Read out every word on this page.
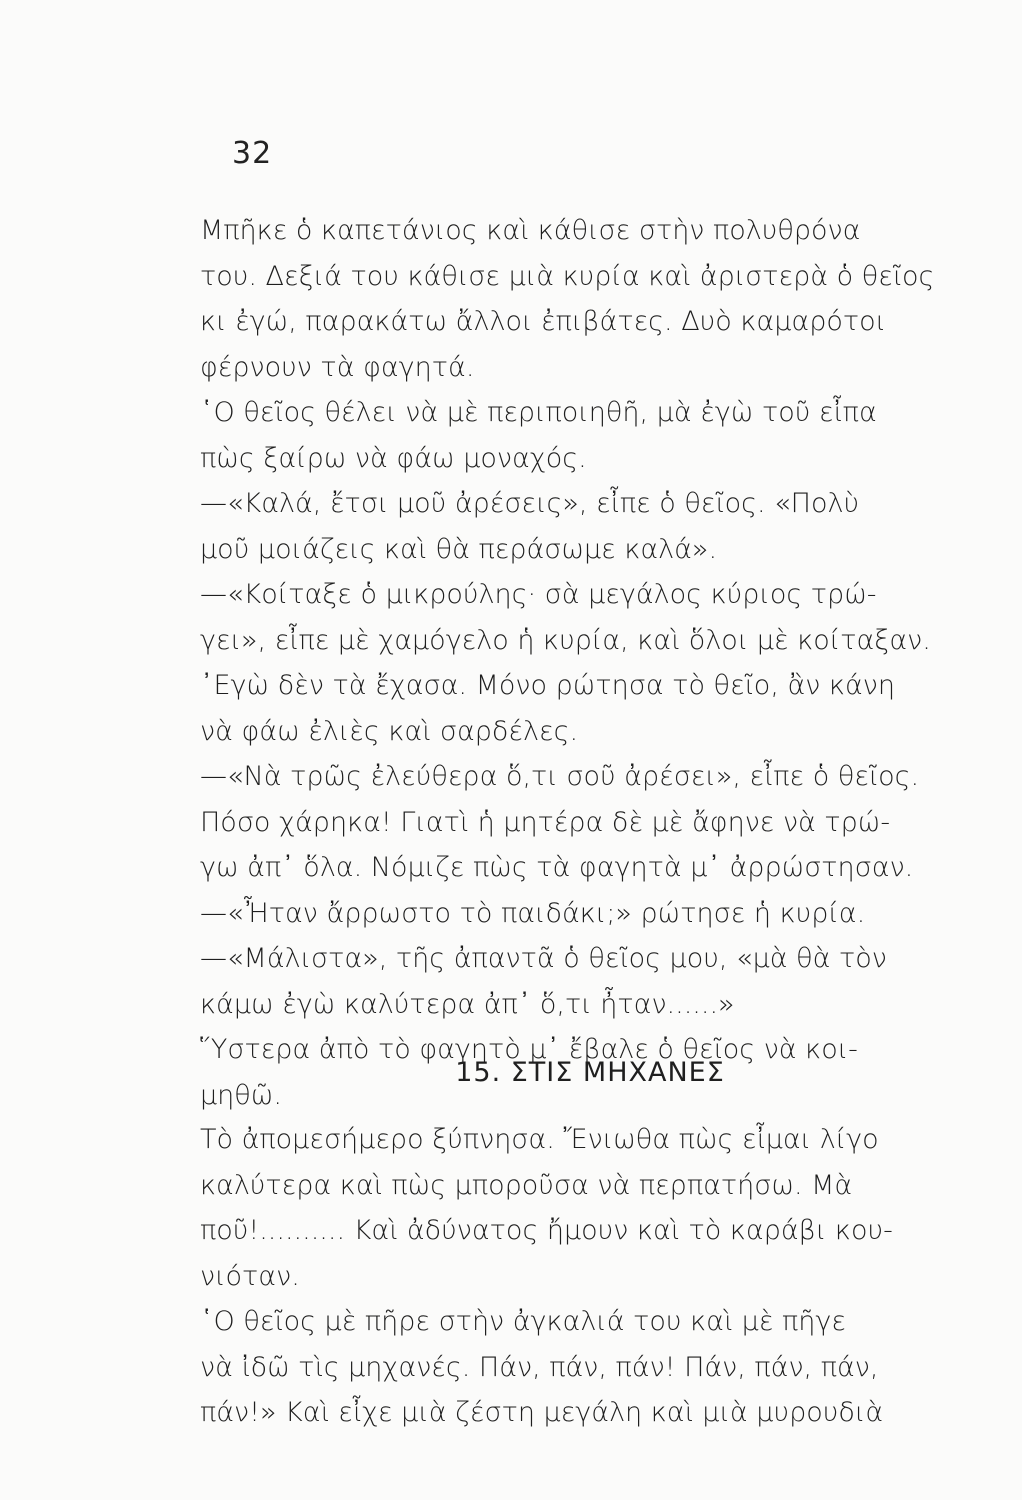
32
Μπῆκε ὁ καπετάνιος καὶ κάθισε στὴν πολυθρόνα
του. Δεξιά του κάθισε μιὰ κυρία καὶ ἀριστερὰ ὁ θεῖος
κι ἐγώ, παρακάτω ἄλλοι ἐπιβάτες. Δυὸ καμαρότοι
φέρνουν τὰ φαγητά.
῾Ο θεῖος θέλει νὰ μὲ περιποιηθῆ, μὰ ἐγὼ τοῦ εἶπα
πὼς ξαίρω νὰ φάω μοναχός.
—«Καλά, ἔτσι μοῦ ἀρέσεις», εἶπε ὁ θεῖος. «Πολὺ
μοῦ μοιάζεις καὶ θὰ περάσωμε καλά».
—«Κοίταξε ὁ μικρούλης· σὰ μεγάλος κύριος τρώ-
γει», εἶπε μὲ χαμόγελο ἡ κυρία, καὶ ὅλοι μὲ κοίταξαν.
᾿Εγὼ δὲν τὰ ἔχασα. Μόνο ρώτησα τὸ θεῖο, ἂν κάνη
νὰ φάω ἐλιὲς καὶ σαρδέλες.
—«Νὰ τρῶς ἐλεύθερα ὅ,τι σοῦ ἀρέσει», εἶπε ὁ θεῖος.
Πόσο χάρηκα! Γιατὶ ἡ μητέρα δὲ μὲ ἄφηνε νὰ τρώ-
γω ἀπ᾿ ὅλα. Νόμιζε πὼς τὰ φαγητὰ μ᾿ ἀρρώστησαν.
—«Ἦταν ἄρρωστο τὸ παιδάκι;» ρώτησε ἡ κυρία.
—«Μάλιστα», τῆς ἀπαντᾶ ὁ θεῖος μου, «μὰ θὰ τὸν
κάμω ἐγὼ καλύτερα ἀπ᾿ ὅ,τι ἦταν......»
Ὕστερα ἀπὸ τὸ φαγητὸ μ᾿ ἔβαλε ὁ θεῖος νὰ κοι-
μηθῶ.
15. ΣΤΙΣ ΜΗΧΑΝΕΣ
Τὸ ἀπομεσήμερο ξύπνησα. Ἔνιωθα πὼς εἶμαι λίγο
καλύτερα καὶ πὼς μποροῦσα νὰ περπατήσω. Μὰ
ποῦ!.......... Καὶ ἀδύνατος ἤμουν καὶ τὸ καράβι κου-
νιόταν.
῾Ο θεῖος μὲ πῆρε στὴν ἀγκαλιά του καὶ μὲ πῆγε
νὰ ἰδῶ τὶς μηχανές. Πάν, πάν, πάν! Πάν, πάν, πάν,
πάν!» Καὶ εἶχε μιὰ ζέστη μεγάλη καὶ μιὰ μυρουδιὰ
